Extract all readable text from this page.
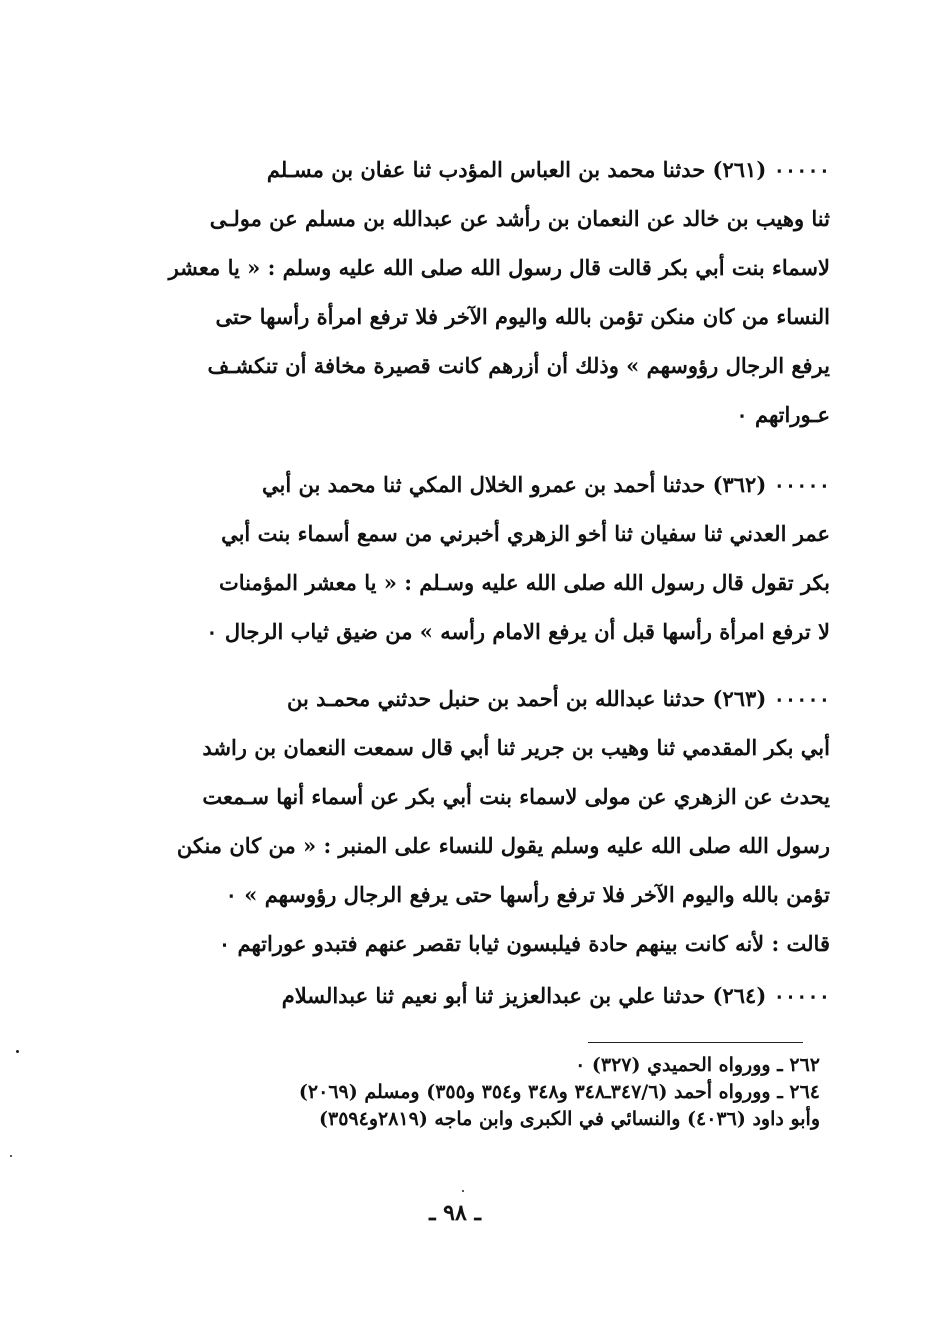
٠٠٠٠٠ (٢٦١) حدثنا محمد بن العباس المؤدب ثنا عفان بن مسـلم

ثنا وهيب بن خالد عن النعمان بن رأشد عن عبدالله بن مسلم عن مولـى

لاسماء بنت أبي بكر قالت قال رسول الله صلى الله عليه وسلم : « يا معشر

النساء من كان منكن تؤمن بالله واليوم الآخر فلا ترفع امرأة رأسها حتى

يرفع الرجال رؤوسهم » وذلك أن أزرهم كانت قصيرة مخافة أن تنكشـف

عـوراتهم ٠

٠٠٠٠٠ (٣٦٢) حدثنا أحمد بن عمرو الخلال المكي ثنا محمد بن أبي

عمر العدني ثنا سفيان ثنا أخو الزهري أخبرني من سمع أسماء بنت أبي

بكر تقول قال رسول الله صلى الله عليه وسـلم : « يا معشر المؤمنات

لا ترفع امرأة رأسها قبل أن يرفع الامام رأسه » من ضيق ثياب الرجال ٠

٠٠٠٠٠ (٢٦٣) حدثنا عبدالله بن أحمد بن حنبل حدثني محمـد بن

أبي بكر المقدمي ثنا وهيب بن جرير ثنا أبي قال سمعت النعمان بن راشد

يحدث عن الزهري عن مولى لاسماء بنت أبي بكر عن أسماء أنها سـمعت

رسول الله صلى الله عليه وسلم يقول للنساء على المنبر : « من كان منكن

تؤمن بالله واليوم الآخر فلا ترفع رأسها حتى يرفع الرجال رؤوسهم » ٠

قالت : لأنه كانت بينهم حادة فيلبسون ثيابا تقصر عنهم فتبدو عوراتهم ٠

٠٠٠٠٠ (٢٦٤) حدثنا علي بن عبدالعزيز ثنا أبو نعيم ثنا عبدالسلام

٢٦٢ ـ وورواه الحميدي (٣٢٧) ٠

٢٦٤ ـ وورواه أحمد (٣٤٧/٦ـ٣٤٨ و٣٤٨ و٣٥٤ و٣٥٥) ومسلم (٢٠٦٩)

وأبو داود (٤٠٣٦) والنسائي في الكبرى وابن ماجه (٢٨١٩و٣٥٩٤)

ـ ٩٨ ـ
